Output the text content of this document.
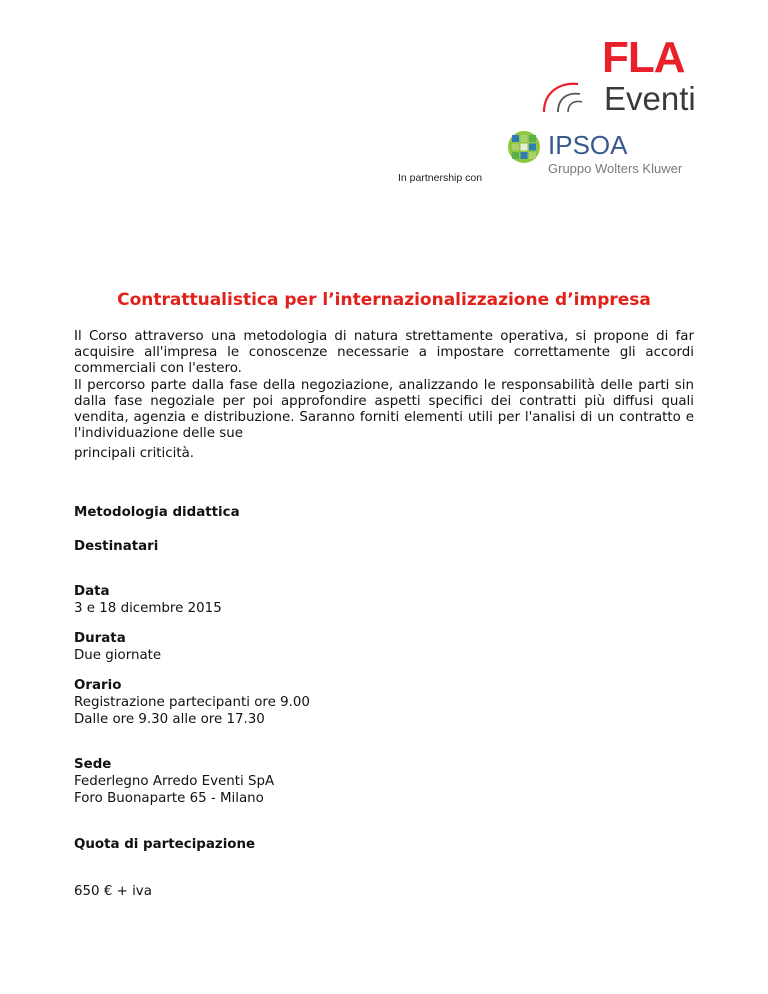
FLA
Eventi
IPSOA
Gruppo Wolters Kluwer
In partnership con
Contrattualistica per l’internazionalizzazione d’impresa

Il Corso attraverso una metodologia di natura strettamente operativa, si propone di far acquisire all'impresa le conoscenze necessarie a impostare correttamente gli accordi commerciali con l'estero.

Il percorso parte dalla fase della negoziazione, analizzando le responsabilità delle parti sin dalla fase negoziale per poi approfondire aspetti specifici dei contratti più diffusi quali vendita, agenzia e distribuzione. Saranno forniti elementi utili per l'analisi di un contratto e l'individuazione delle sue

principali criticità.

Metodologia didattica
Destinatari
Data
3 e 18 dicembre 2015
Durata
Due giornate
Orario
Registrazione partecipanti ore 9.00
Dalle ore 9.30 alle ore 17.30
Sede
Federlegno Arredo Eventi SpA
Foro Buonaparte 65 - Milano
Quota di partecipazione
650 € + iva
